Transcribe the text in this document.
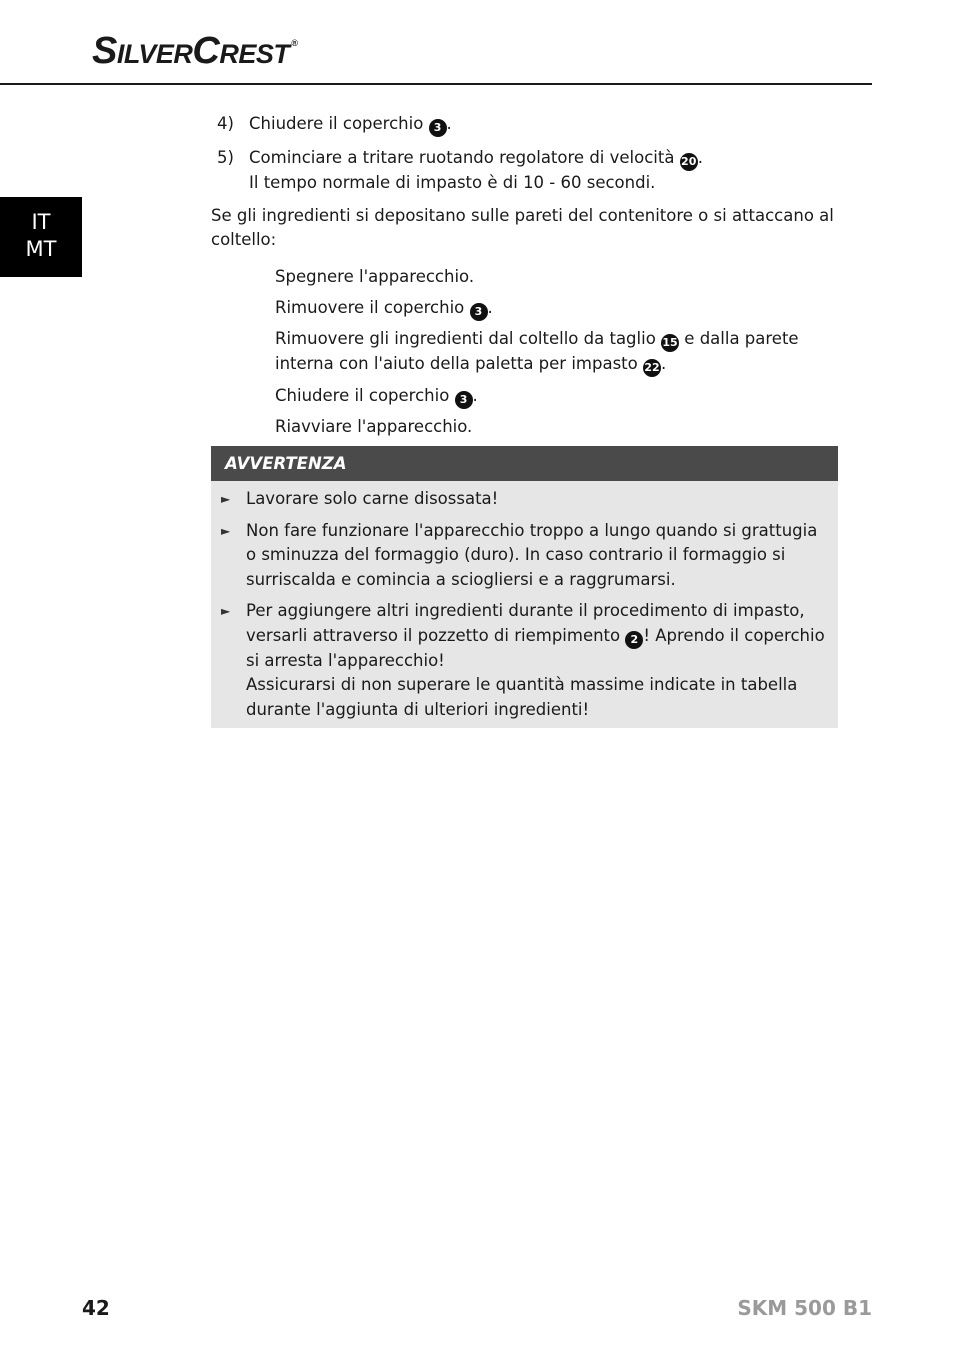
SILVERCREST ®
IT
MT
4) Chiudere il coperchio 3 .
5) Cominciare a tritare ruotando regolatore di velocità 20.
Il tempo normale di impasto è di 10 - 60 secondi.
Se gli ingredienti si depositano sulle pareti del contenitore o si attaccano al coltello:
Spegnere l'apparecchio.
Rimuovere il coperchio 3 .
Rimuovere gli ingredienti dal coltello da taglio 15 e dalla parete interna con l'aiuto della paletta per impasto 22.
Chiudere il coperchio 3 .
Riavviare l'apparecchio.
AVVERTENZA
► Lavorare solo carne disossata!
► Non fare funzionare l'apparecchio troppo a lungo quando si grattugia o sminuzza del formaggio (duro). In caso contrario il formaggio si surriscalda e comincia a sciogliersi e a raggrumarsi.
► Per aggiungere altri ingredienti durante il procedimento di impasto, versarli attraverso il pozzetto di riempimento 2 ! Aprendo il coperchio si arresta l'apparecchio!
Assicurarsi di non superare le quantità massime indicate in tabella durante l'aggiunta di ulteriori ingredienti!
42	SKM 500 B1
